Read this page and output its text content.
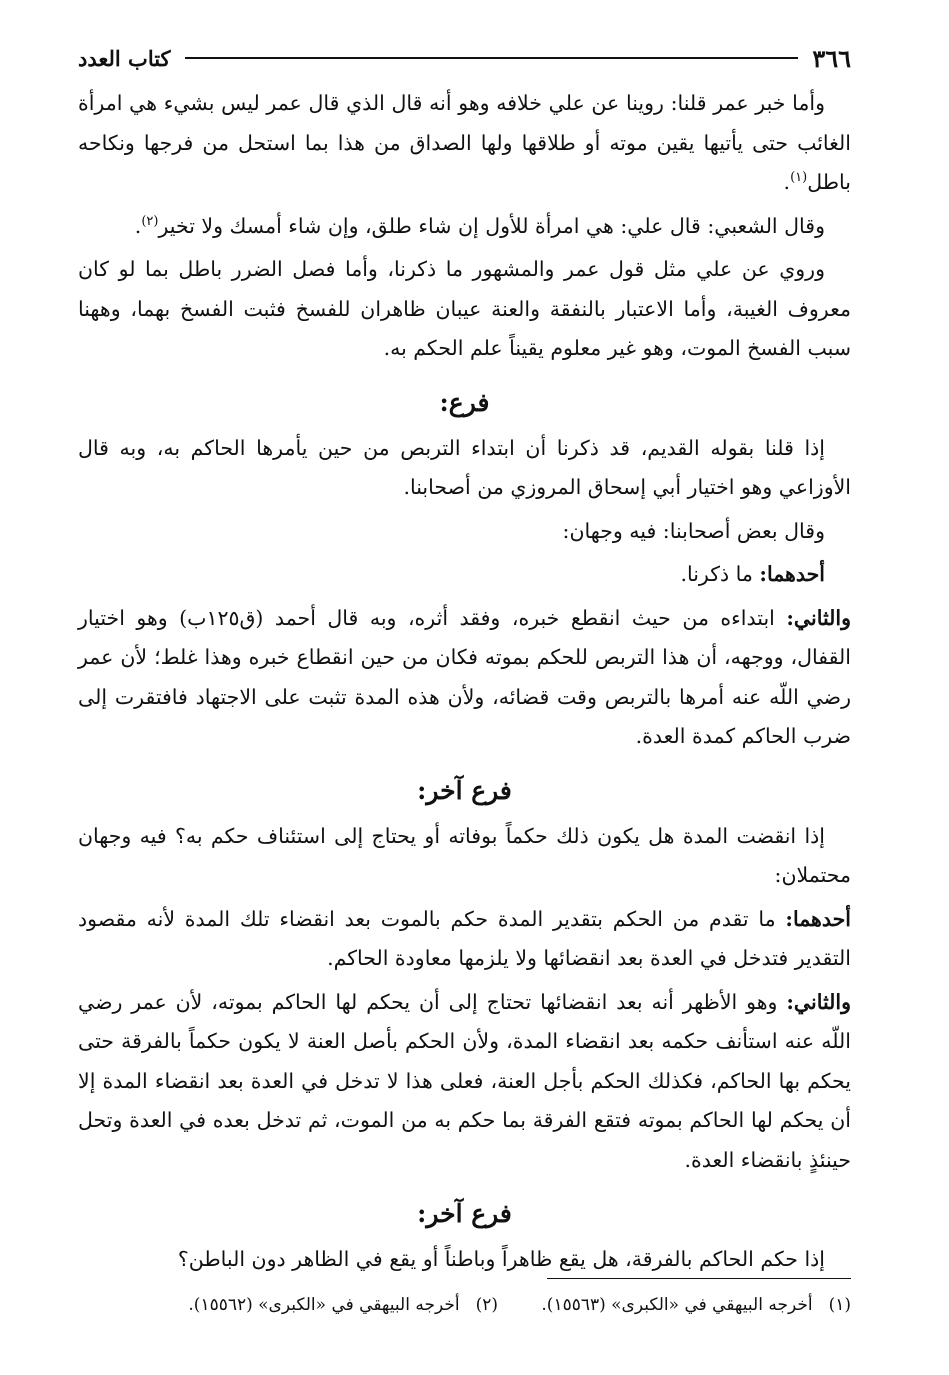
٣٦٦
كتاب العدد

وأما خبر عمر قلنا: روينا عن علي خلافه وهو أنه قال الذي قال عمر ليس بشيء هي امرأة الغائب حتى يأتيها يقين موته أو طلاقها ولها الصداق من هذا بما استحل من فرجها ونكاحه باطل$^{(١)}$.

وقال الشعبي: قال علي: هي امرأة للأول إن شاء طلق، وإن شاء أمسك ولا تخير$^{(٢)}$.

وروي عن علي مثل قول عمر والمشهور ما ذكرنا، وأما فصل الضرر باطل بما لو كان معروف الغيبة، وأما الاعتبار بالنفقة والعنة عيبان ظاهران للفسخ فثبت الفسخ بهما، وههنا سبب الفسخ الموت، وهو غير معلوم يقيناً علم الحكم به.

فرع:

إذا قلنا بقوله القديم، قد ذكرنا أن ابتداء التربص من حين يأمرها الحاكم به، وبه قال الأوزاعي وهو اختيار أبي إسحاق المروزي من أصحابنا.

وقال بعض أصحابنا: فيه وجهان:

أحدهما: ما ذكرنا.

والثاني: ابتداءه من حيث انقطع خبره، وفقد أثره، وبه قال أحمد (ق١٢٥ب) وهو اختيار القفال، ووجهه، أن هذا التربص للحكم بموته فكان من حين انقطاع خبره وهذا غلط؛ لأن عمر رضي اللّه عنه أمرها بالتربص وقت قضائه، ولأن هذه المدة تثبت على الاجتهاد فافتقرت إلى ضرب الحاكم كمدة العدة.

فرع آخر:

إذا انقضت المدة هل يكون ذلك حكماً بوفاته أو يحتاج إلى استئناف حكم به؟ فيه وجهان محتملان:

أحدهما: ما تقدم من الحكم بتقدير المدة حكم بالموت بعد انقضاء تلك المدة لأنه مقصود التقدير فتدخل في العدة بعد انقضائها ولا يلزمها معاودة الحاكم.

والثاني: وهو الأظهر أنه بعد انقضائها تحتاج إلى أن يحكم لها الحاكم بموته، لأن عمر رضي اللّه عنه استأنف حكمه بعد انقضاء المدة، ولأن الحكم بأصل العنة لا يكون حكماً بالفرقة حتى يحكم بها الحاكم، فكذلك الحكم بأجل العنة، فعلى هذا لا تدخل في العدة بعد انقضاء المدة إلا أن يحكم لها الحاكم بموته فتقع الفرقة بما حكم به من الموت، ثم تدخل بعده في العدة وتحل حينئذٍ بانقضاء العدة.

فرع آخر:

إذا حكم الحاكم بالفرقة، هل يقع ظاهراً وباطناً أو يقع في الظاهر دون الباطن؟

(١)أخرجه البيهقي في «الكبرى» (١٥٥٦٣). (٢)أخرجه البيهقي في «الكبرى» (١٥٥٦٢).
